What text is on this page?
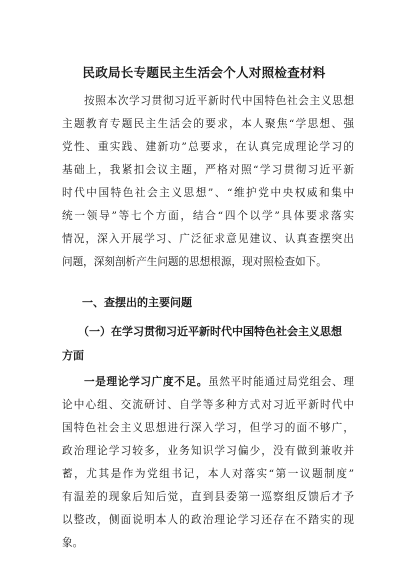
民政局长专题民主生活会个人对照检查材料
按照本次学习贯彻习近平新时代中国特色社会主义思想
主题教育专题民主生活会的要求，本人聚焦“学思想、强
党性、重实践、建新功”总要求，在认真完成理论学习的
基础上，我紧扣会议主题，严格对照“学习贯彻习近平新
时代中国特色社会主义思想”、“维护党中央权威和集中
统一领导”等七个方面，结合“四个以学”具体要求落实
情况，深入开展学习、广泛征求意见建议、认真查摆突出
问题，深刻剖析产生问题的思想根源，现对照检查如下。
一、查摆出的主要问题
（一）在学习贯彻习近平新时代中国特色社会主义思想
方面
一是理论学习广度不足。虽然平时能通过局党组会、理
论中心组、交流研讨、自学等多种方式对习近平新时代中
国特色社会主义思想进行深入学习，但学习的面不够广，
政治理论学习较多，业务知识学习偏少，没有做到兼收并
蓄，尤其是作为党组书记，本人对落实“第一议题制度”
有温差的现象后知后觉，直到县委第一巡察组反馈后才予
以整改，侧面说明本人的政治理论学习还存在不踏实的现
象。
